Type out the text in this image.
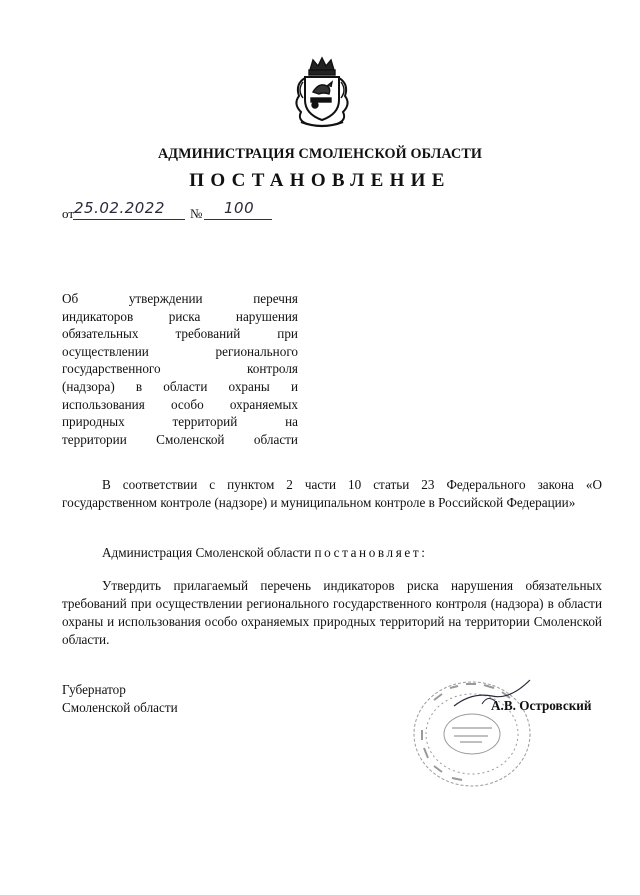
АДМИНИСТРАЦИЯ СМОЛЕНСКОЙ ОБЛАСТИ
ПОСТАНОВЛЕНИЕ
от 25.02.2022 № 100
Об утверждении перечня
индикаторов риска нарушения
обязательных требований при
осуществлении регионального
государственного контроля
(надзора) в области охраны и
использования особо охраняемых
природных территорий на
территории Смоленской области
В соответствии с пунктом 2 части 10 статьи 23 Федерального закона «О государственном контроле (надзоре) и муниципальном контроле в Российской Федерации»
Администрация Смоленской области постановляет:
Утвердить прилагаемый перечень индикаторов риска нарушения обязательных требований при осуществлении регионального государственного контроля (надзора) в области охраны и использования особо охраняемых природных территорий на территории Смоленской области.
Губернатор
Смоленской области	А.В. Островский
